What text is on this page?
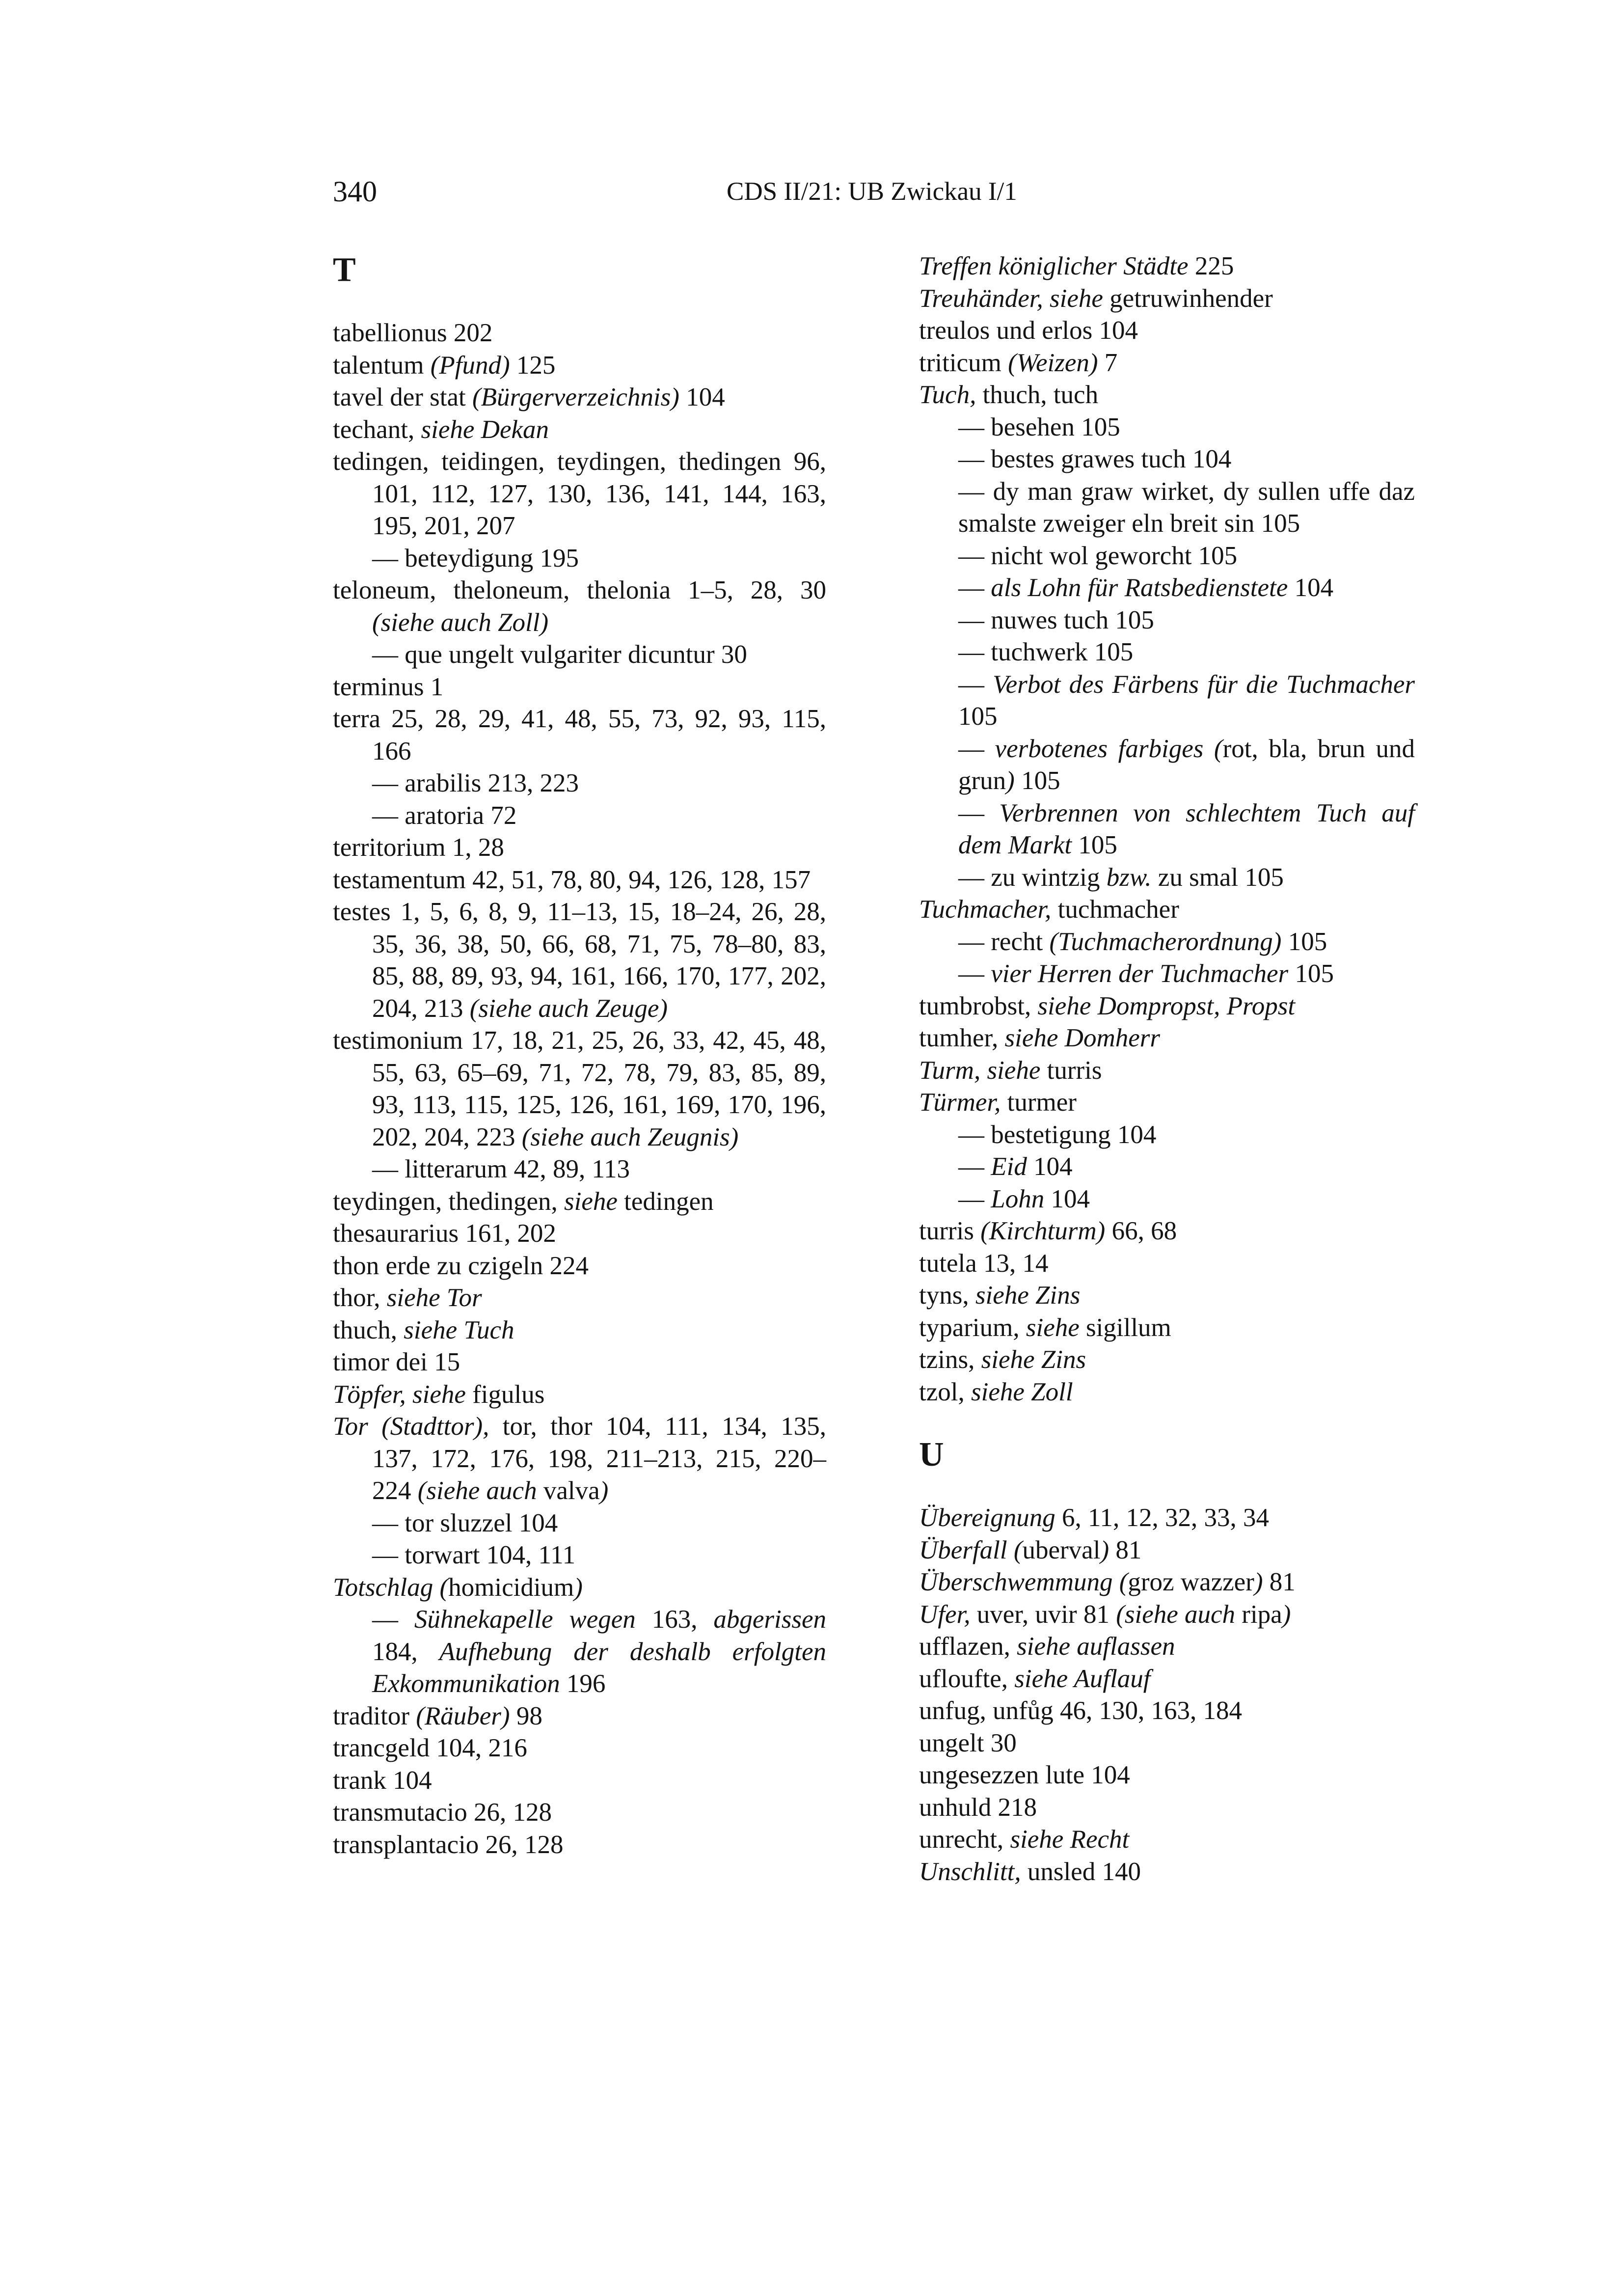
340	CDS II/21: UB Zwickau I/1
T
tabellionus 202
talentum (Pfund) 125
tavel der stat (Bürgerverzeichnis) 104
techant, siehe Dekan
tedingen, teidingen, teydingen, thedingen 96, 101, 112, 127, 130, 136, 141, 144, 163, 195, 201, 207
— beteydigung 195
teloneum, theloneum, thelonia 1–5, 28, 30 (siehe auch Zoll)
— que ungelt vulgariter dicuntur 30
terminus 1
terra 25, 28, 29, 41, 48, 55, 73, 92, 93, 115, 166
— arabilis 213, 223
— aratoria 72
territorium 1, 28
testamentum 42, 51, 78, 80, 94, 126, 128, 157
testes 1, 5, 6, 8, 9, 11–13, 15, 18–24, 26, 28, 35, 36, 38, 50, 66, 68, 71, 75, 78–80, 83, 85, 88, 89, 93, 94, 161, 166, 170, 177, 202, 204, 213 (siehe auch Zeuge)
testimonium 17, 18, 21, 25, 26, 33, 42, 45, 48, 55, 63, 65–69, 71, 72, 78, 79, 83, 85, 89, 93, 113, 115, 125, 126, 161, 169, 170, 196, 202, 204, 223 (siehe auch Zeugnis)
— litterarum 42, 89, 113
teydingen, thedingen, siehe tedingen
thesaurarius 161, 202
thon erde zu czigeln 224
thor, siehe Tor
thuch, siehe Tuch
timor dei 15
Töpfer, siehe figulus
Tor (Stadttor), tor, thor 104, 111, 134, 135, 137, 172, 176, 198, 211–213, 215, 220–224 (siehe auch valva)
— tor sluzzel 104
— torwart 104, 111
Totschlag (homicidium)
— Sühnekapelle wegen 163, abgerissen 184, Aufhebung der deshalb erfolgten Exkommunikation 196
traditor (Räuber) 98
trancgeld 104, 216
trank 104
transmutacio 26, 128
transplantacio 26, 128
Treffen königlicher Städte 225
Treuhänder, siehe getruwinhender
treulos und erlos 104
triticum (Weizen) 7
Tuch, thuch, tuch
— besehen 105
— bestes grawes tuch 104
— dy man graw wirket, dy sullen uffe daz smalste zweiger eln breit sin 105
— nicht wol geworcht 105
— als Lohn für Ratsbedienstete 104
— nuwes tuch 105
— tuchwerk 105
— Verbot des Färbens für die Tuchmacher 105
— verbotenes farbiges (rot, bla, brun und grun) 105
— Verbrennen von schlechtem Tuch auf dem Markt 105
— zu wintzig bzw. zu smal 105
Tuchmacher, tuchmacher
— recht (Tuchmacherordnung) 105
— vier Herren der Tuchmacher 105
tumbrobst, siehe Dompropst, Propst
tumher, siehe Domherr
Turm, siehe turris
Türmer, turmer
— bestetigung 104
— Eid 104
— Lohn 104
turris (Kirchturm) 66, 68
tutela 13, 14
tyns, siehe Zins
typarium, siehe sigillum
tzins, siehe Zins
tzol, siehe Zoll
U
Übereignung 6, 11, 12, 32, 33, 34
Überfall (uberval) 81
Überschwemmung (groz wazzer) 81
Ufer, uver, uvir 81 (siehe auch ripa)
ufflazen, siehe auflassen
ufloufte, siehe Auflauf
unfug, unfůg 46, 130, 163, 184
ungelt 30
ungesezzen lute 104
unhuld 218
unrecht, siehe Recht
Unschlitt, unsled 140
